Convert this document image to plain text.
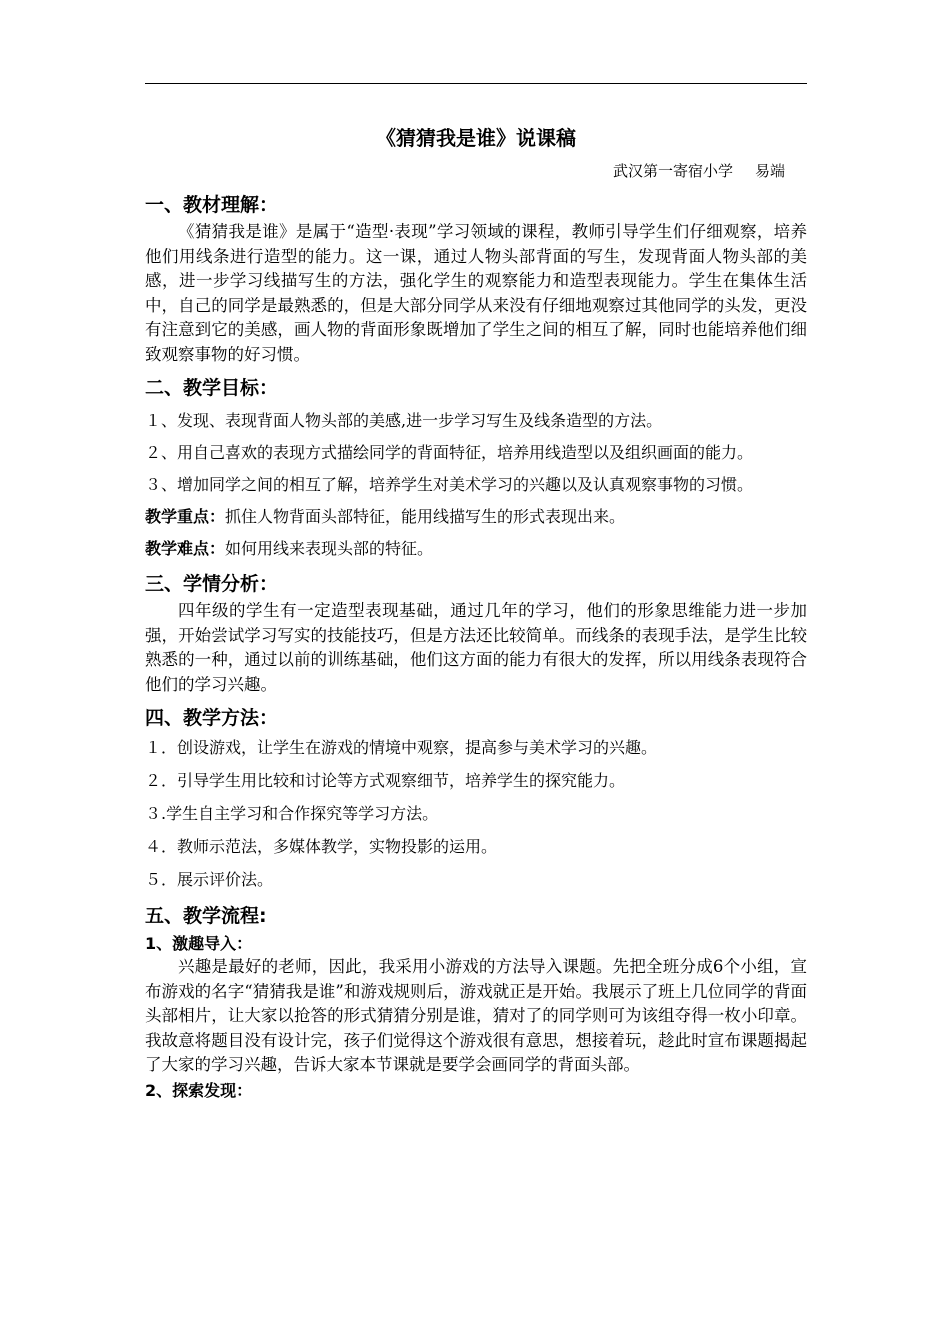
《猜猜我是谁》说课稿
武汉第一寄宿小学 易端

一、教材理解：

《猜猜我是谁》是属于“造型·表现”学习领域的课程，教师引导学生们仔细观察，培养他们用线条进行造型的能力。这一课，通过人物头部背面的写生，发现背面人物头部的美感，进一步学习线描写生的方法，强化学生的观察能力和造型表现能力。学生在集体生活中，自己的同学是最熟悉的，但是大部分同学从来没有仔细地观察过其他同学的头发，更没有注意到它的美感，画人物的背面形象既增加了学生之间的相互了解，同时也能培养他们细致观察事物的好习惯。

二、教学目标：

１、发现、表现背面人物头部的美感,进一步学习写生及线条造型的方法。

２、用自己喜欢的表现方式描绘同学的背面特征，培养用线造型以及组织画面的能力。

３、增加同学之间的相互了解，培养学生对美术学习的兴趣以及认真观察事物的习惯。

教学重点：抓住人物背面头部特征，能用线描写生的形式表现出来。

教学难点：如何用线来表现头部的特征。

三、学情分析：

四年级的学生有一定造型表现基础，通过几年的学习，他们的形象思维能力进一步加强，开始尝试学习写实的技能技巧，但是方法还比较简单。而线条的表现手法，是学生比较熟悉的一种，通过以前的训练基础，他们这方面的能力有很大的发挥，所以用线条表现符合他们的学习兴趣。

四、教学方法：

１．创设游戏，让学生在游戏的情境中观察，提高参与美术学习的兴趣。

２．引导学生用比较和讨论等方式观察细节，培养学生的探究能力。

３.学生自主学习和合作探究等学习方法。

４．教师示范法，多媒体教学，实物投影的运用。

５．展示评价法。

五、教学流程:

1、激趣导入：

兴趣是最好的老师，因此，我采用小游戏的方法导入课题。先把全班分成6个小组，宣布游戏的名字“猜猜我是谁”和游戏规则后，游戏就正是开始。我展示了班上几位同学的背面头部相片，让大家以抢答的形式猜猜分别是谁，猜对了的同学则可为该组夺得一枚小印章。我故意将题目没有设计完，孩子们觉得这个游戏很有意思，想接着玩，趁此时宣布课题揭起了大家的学习兴趣，告诉大家本节课就是要学会画同学的背面头部。

2、探索发现：
